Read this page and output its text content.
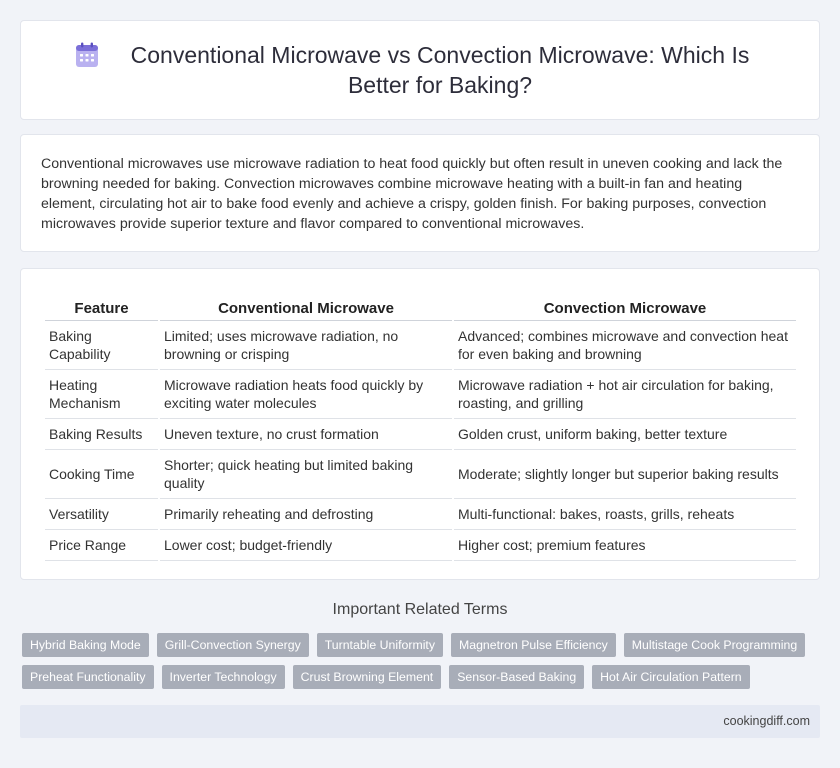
Conventional Microwave vs Convection Microwave: Which Is Better for Baking?

Conventional microwaves use microwave radiation to heat food quickly but often result in uneven cooking and lack the browning needed for baking. Convection microwaves combine microwave heating with a built-in fan and heating element, circulating hot air to bake food evenly and achieve a crispy, golden finish. For baking purposes, convection microwaves provide superior texture and flavor compared to conventional microwaves.

Feature	Conventional Microwave	Convection Microwave
Baking Capability	Limited; uses microwave radiation, no browning or crisping	Advanced; combines microwave and convection heat for even baking and browning
Heating Mechanism	Microwave radiation heats food quickly by exciting water molecules	Microwave radiation + hot air circulation for baking, roasting, and grilling
Baking Results	Uneven texture, no crust formation	Golden crust, uniform baking, better texture
Cooking Time	Shorter; quick heating but limited baking quality	Moderate; slightly longer but superior baking results
Versatility	Primarily reheating and defrosting	Multi-functional: bakes, roasts, grills, reheats
Price Range	Lower cost; budget-friendly	Higher cost; premium features
Important Related Terms
Hybrid Baking Mode	Grill-Convection Synergy	Turntable Uniformity	Magnetron Pulse Efficiency	Multistage Cook Programming
Preheat Functionality	Inverter Technology	Crust Browning Element	Sensor-Based Baking	Hot Air Circulation Pattern
cookingdiff.com
